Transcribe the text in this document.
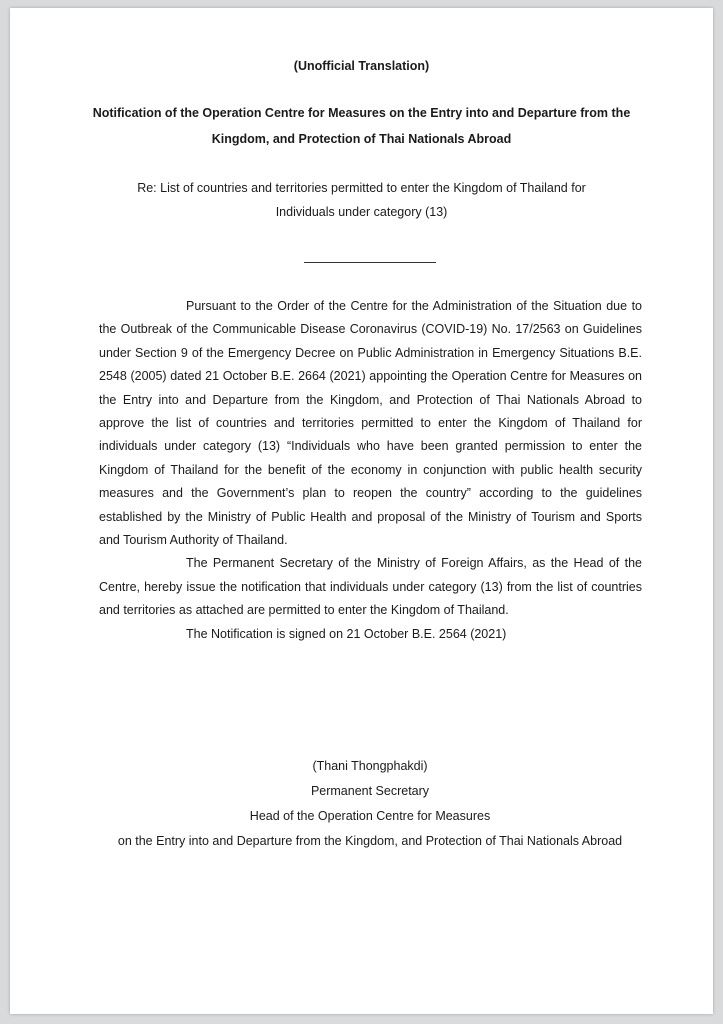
(Unofficial Translation)
Notification of the Operation Centre for Measures on the Entry into and Departure from the
Kingdom, and Protection of Thai Nationals Abroad
Re: List of countries and territories permitted to enter the Kingdom of Thailand for
Individuals under category (13)

Pursuant to the Order of the Centre for the Administration of the Situation due to the Outbreak of the Communicable Disease Coronavirus (COVID-19) No. 17/2563 on Guidelines under Section 9 of the Emergency Decree on Public Administration in Emergency Situations B.E. 2548 (2005) dated 21 October B.E. 2664 (2021) appointing the Operation Centre for Measures on the Entry into and Departure from the Kingdom, and Protection of Thai Nationals Abroad to approve the list of countries and territories permitted to enter the Kingdom of Thailand for individuals under category (13) “Individuals who have been granted permission to enter the Kingdom of Thailand for the benefit of the economy in conjunction with public health security measures and the Government’s plan to reopen the country” according to the guidelines established by the Ministry of Public Health and proposal of the Ministry of Tourism and Sports and Tourism Authority of Thailand.

The Permanent Secretary of the Ministry of Foreign Affairs, as the Head of the Centre, hereby issue the notification that individuals under category (13) from the list of countries and territories as attached are permitted to enter the Kingdom of Thailand.

The Notification is signed on 21 October B.E. 2564 (2021)

(Thani Thongphakdi)
Permanent Secretary
Head of the Operation Centre for Measures
on the Entry into and Departure from the Kingdom, and Protection of Thai Nationals Abroad
